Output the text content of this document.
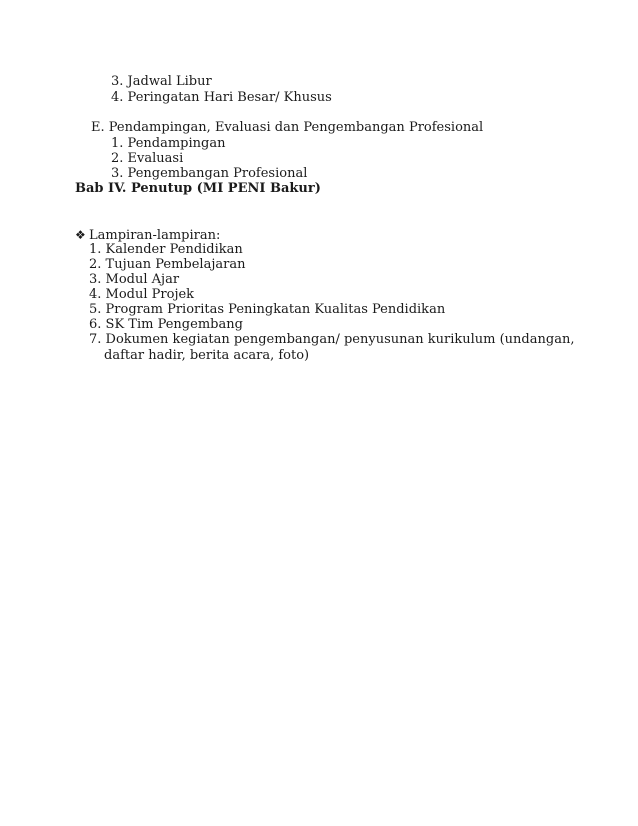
3. Jadwal Libur
4. Peringatan Hari Besar/ Khusus
E. Pendampingan, Evaluasi dan Pengembangan Profesional
1. Pendampingan
2. Evaluasi
3. Pengembangan Profesional
Bab IV. Penutup (MI PENI Bakur)
❖ Lampiran-lampiran:
1. Kalender Pendidikan
2. Tujuan Pembelajaran
3. Modul Ajar
4. Modul Projek
5. Program Prioritas Peningkatan Kualitas Pendidikan
6. SK Tim Pengembang
7. Dokumen kegiatan pengembangan/ penyusunan kurikulum (undangan,
daftar hadir, berita acara, foto)
